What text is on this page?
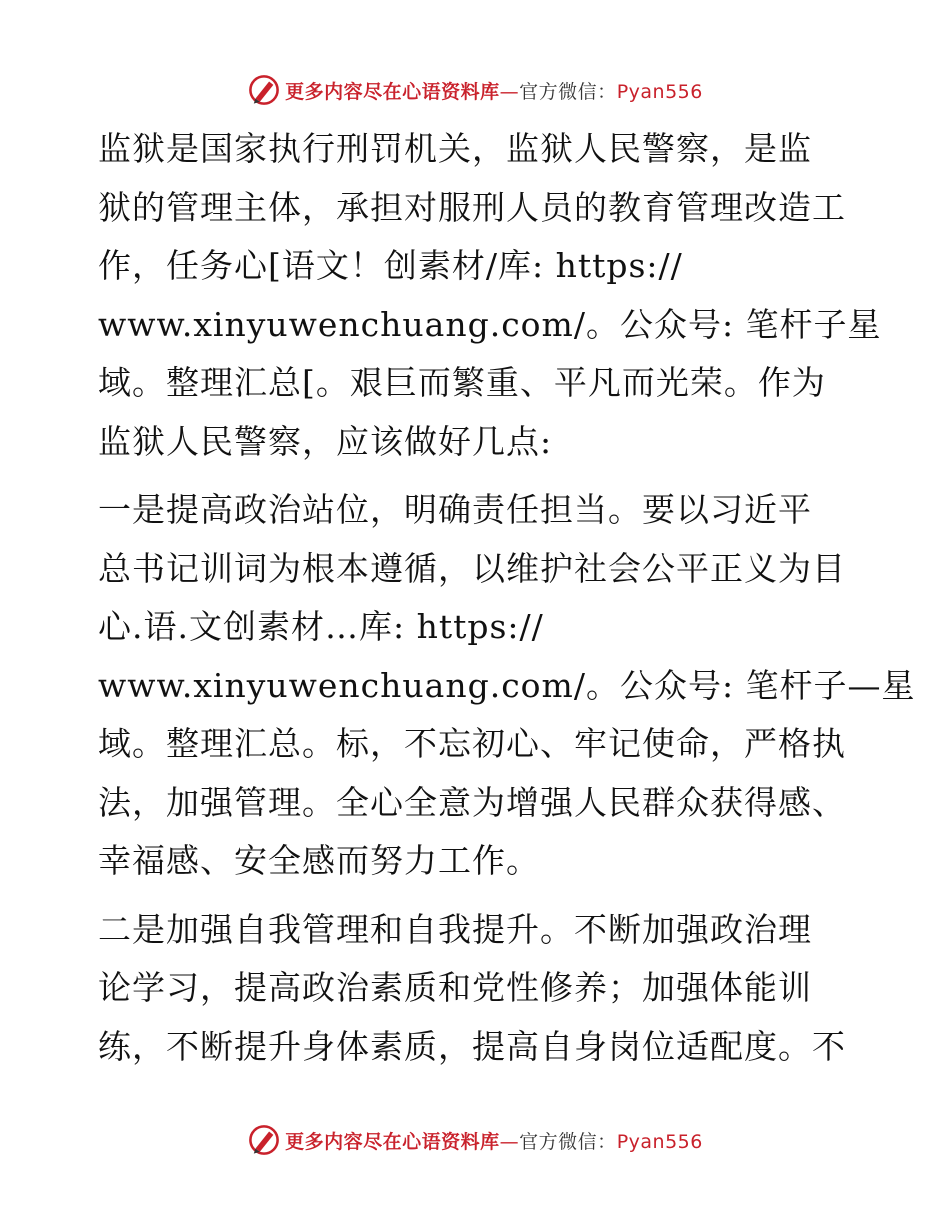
更多内容尽在心语资料库—官方微信：Pyan556

监狱是国家执行刑罚机关，监狱人民警察，是监
狱的管理主体，承担对服刑人员的教育管理改造工
作，任务心[语文！创素材/库: https://
www.xinyuwenchuang.com/。公众号: 笔杆子星
域。整理汇总[。艰巨而繁重、平凡而光荣。作为
监狱人民警察，应该做好几点:

一是提高政治站位，明确责任担当。要以习近平
总书记训词为根本遵循，以维护社会公平正义为目
心.语.文创素材…库: https://
www.xinyuwenchuang.com/。公众号: 笔杆子—星
域。整理汇总。标，不忘初心、牢记使命，严格执
法，加强管理。全心全意为增强人民群众获得感、
幸福感、安全感而努力工作。

二是加强自我管理和自我提升。不断加强政治理
论学习，提高政治素质和党性修养；加强体能训
练，不断提升身体素质，提高自身岗位适配度。不

更多内容尽在心语资料库—官方微信：Pyan556
